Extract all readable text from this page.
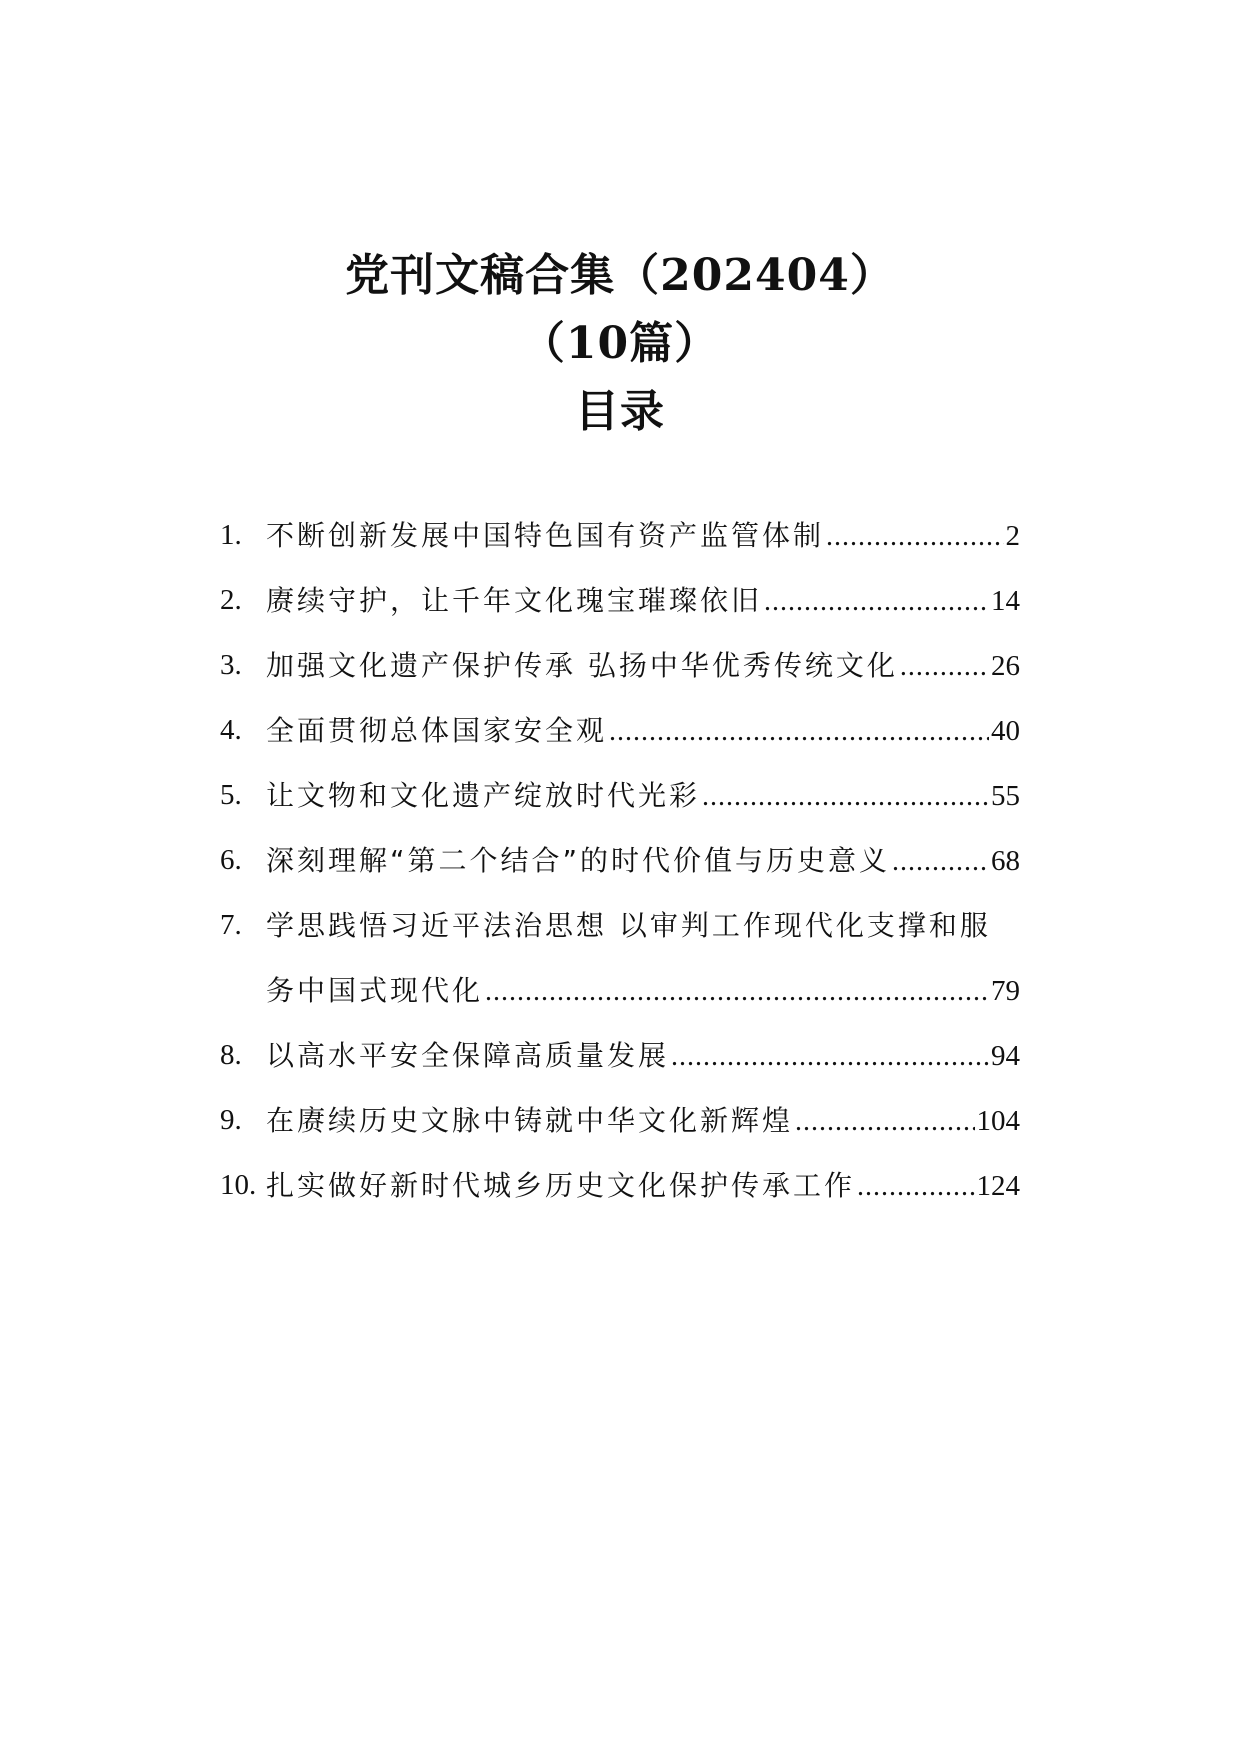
党刊文稿合集（202404）
（10篇）
目录
1. 不断创新发展中国特色国有资产监管体制 .....	2
2. 赓续守护，让千年文化瑰宝璀璨依旧 .....	14
3. 加强文化遗产保护传承 弘扬中华优秀传统文化 .....	26
4. 全面贯彻总体国家安全观 .....	40
5. 让文物和文化遗产绽放时代光彩 .....	55
6. 深刻理解“第二个结合”的时代价值与历史意义 .....	68
7. 学思践悟习近平法治思想 以审判工作现代化支撑和服
务中国式现代化 .....	79
8. 以高水平安全保障高质量发展 .....	94
9. 在赓续历史文脉中铸就中华文化新辉煌 .....	104
10. 扎实做好新时代城乡历史文化保护传承工作 .....	124
